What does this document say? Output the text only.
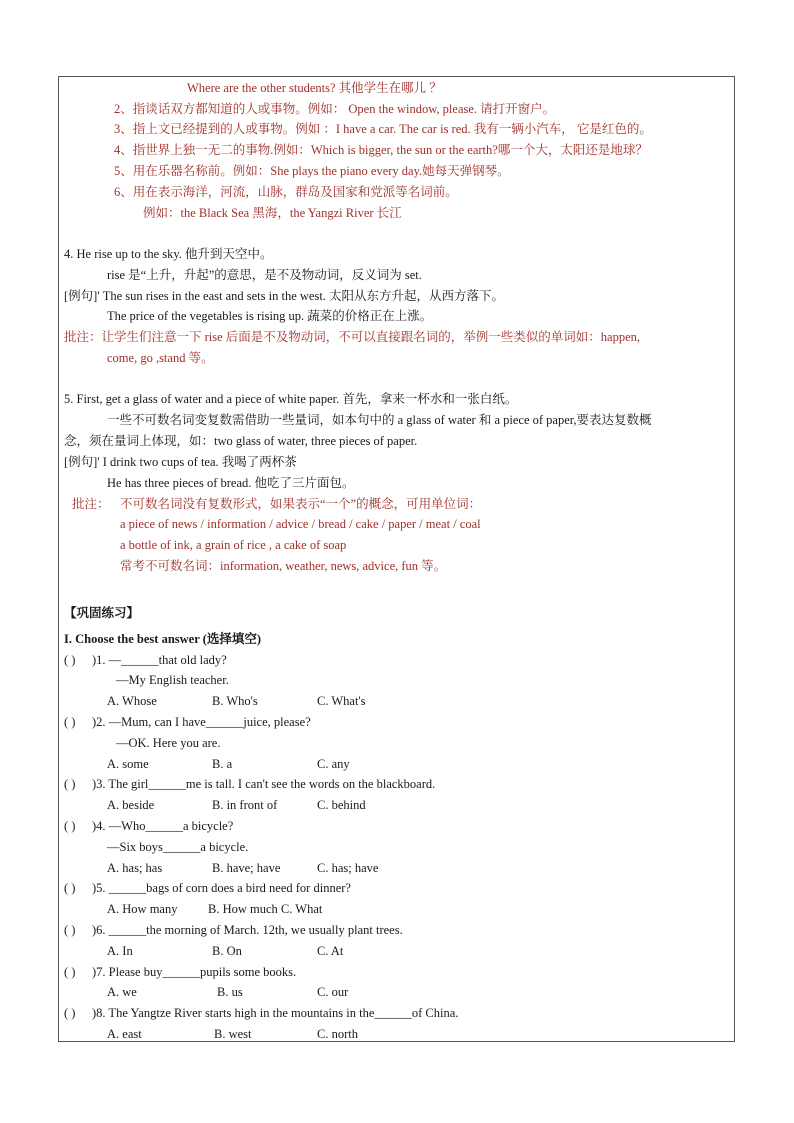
Where are the other students? 其他学生在哪儿 ？
2、指谈话双方都知道的人或事物。例如： Open the window, please. 请打开窗户。
3、指上文已经提到的人或事物。例如 ：I have a car. The car is red. 我有一辆小汽车， 它是红色的。
4、指世界上独一无二的事物.例如：Which is bigger, the sun or the earth?哪一个大，太阳还是地球？
5、用在乐器名称前。例如：She plays the piano every day.她每天弹钢琴。
6、用在表示海洋，河流，山脉，群岛及国家和党派等名词前。
例如：the Black Sea 黑海，the Yangzi River 长江
4. He rise up to the sky. 他升到天空中。
rise 是“上升，升起”的意思，是不及物动词，反义词为 set.
[例句]' The sun rises in the east and sets in the west. 太阳从东方升起，从西方落下。
The price of the vegetables is rising up. 蔬菜的价格正在上涨。
批注：让学生们注意一下 rise 后面是不及物动词，不可以直接跟名词的，举例一些类似的单词如：happen,
come, go ,stand 等。
5. First, get a glass of water and a piece of white paper. 首先，拿来一杯水和一张白纸。
一些不可数名词变复数需借助一些量词，如本句中的 a glass of water 和 a piece of paper,要表达复数概
念，须在量词上体现，如：two glass of water, three pieces of paper.
[例句]' I drink two cups of tea. 我喝了两杯茶
He has three pieces of bread. 他吃了三片面包。
批注： 不可数名词没有复数形式，如果表示“一个”的概念，可用单位词：
a piece of news / information / advice / bread / cake / paper / meat / coal
a bottle of ink, a grain of rice , a cake of soap
常考不可数名词：information, weather, news, advice, fun 等。
【巩固练习】
I. Choose the best answer (选择填空)
( ) )1. —______that old lady?
—My English teacher.
A. Whose	B. Who's	C. What's
( ) )2. —Mum, can I have______juice, please?
—OK. Here you are.
A. some	B. a	C. any
( ) )3. The girl______me is tall. I can't see the words on the blackboard.
A. beside	B. in front of	C. behind
( ) )4. —Who______a bicycle?
—Six boys______a bicycle.
A. has; has	B. have; have	C. has; have
( ) )5. ______bags of corn does a bird need for dinner?
A. How many B. How much C. What
( ) )6. ______the morning of March. 12th, we usually plant trees.
A. In	B. On	C. At
( ) )7. Please buy______pupils some books.
A. we	B. us	C. our
( ) )8. The Yangtze River starts high in the mountains in the______of China.
A. east	B. west	C. north
